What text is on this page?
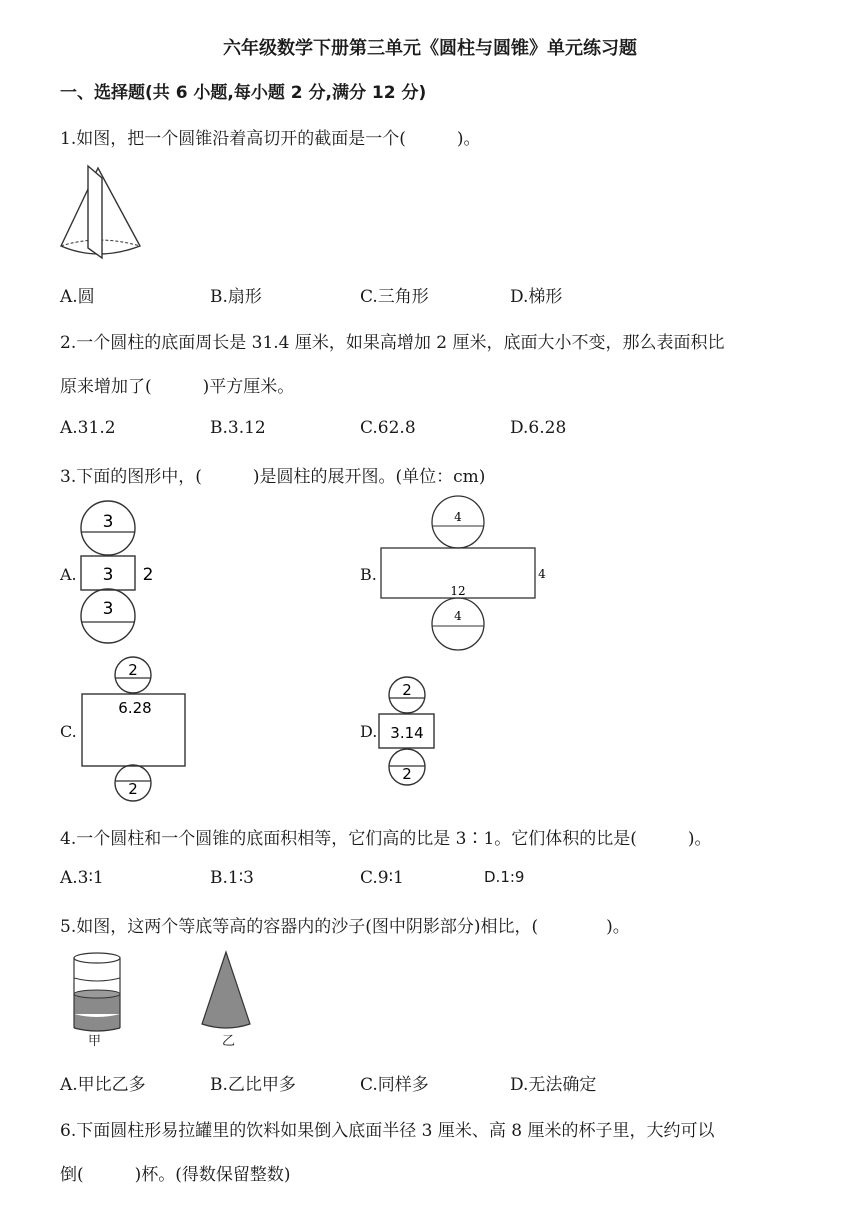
六年级数学下册第三单元《圆柱与圆锥》单元练习题
一、选择题(共 6 小题,每小题 2 分,满分 12 分)
1.如图，把一个圆锥沿着高切开的截面是一个(　　　)。
A.圆	B.扇形	C.三角形	D.梯形
2.一个圆柱的底面周长是 31.4 厘米，如果高增加 2 厘米，底面大小不变，那么表面积比
原来增加了(　　　)平方厘米。
A.31.2	B.3.12	C.62.8	D.6.28
3.下面的图形中，(　　　)是圆柱的展开图。(单位：cm)
A.
3
3 2
3
B.
4
4
12
4
C.
2
6.28
2
D.
2
3.14
2
4.一个圆柱和一个圆锥的底面积相等，它们高的比是 3∶1。它们体积的比是(　　　)。
A.3∶1	B.1∶3	C.9∶1	D.1:9
5.如图，这两个等底等高的容器内的沙子(图中阴影部分)相比，(　　　　)。
甲	乙
A.甲比乙多	B.乙比甲多	C.同样多	D.无法确定
6.下面圆柱形易拉罐里的饮料如果倒入底面半径 3 厘米、高 8 厘米的杯子里，大约可以
倒(　　　)杯。(得数保留整数)
